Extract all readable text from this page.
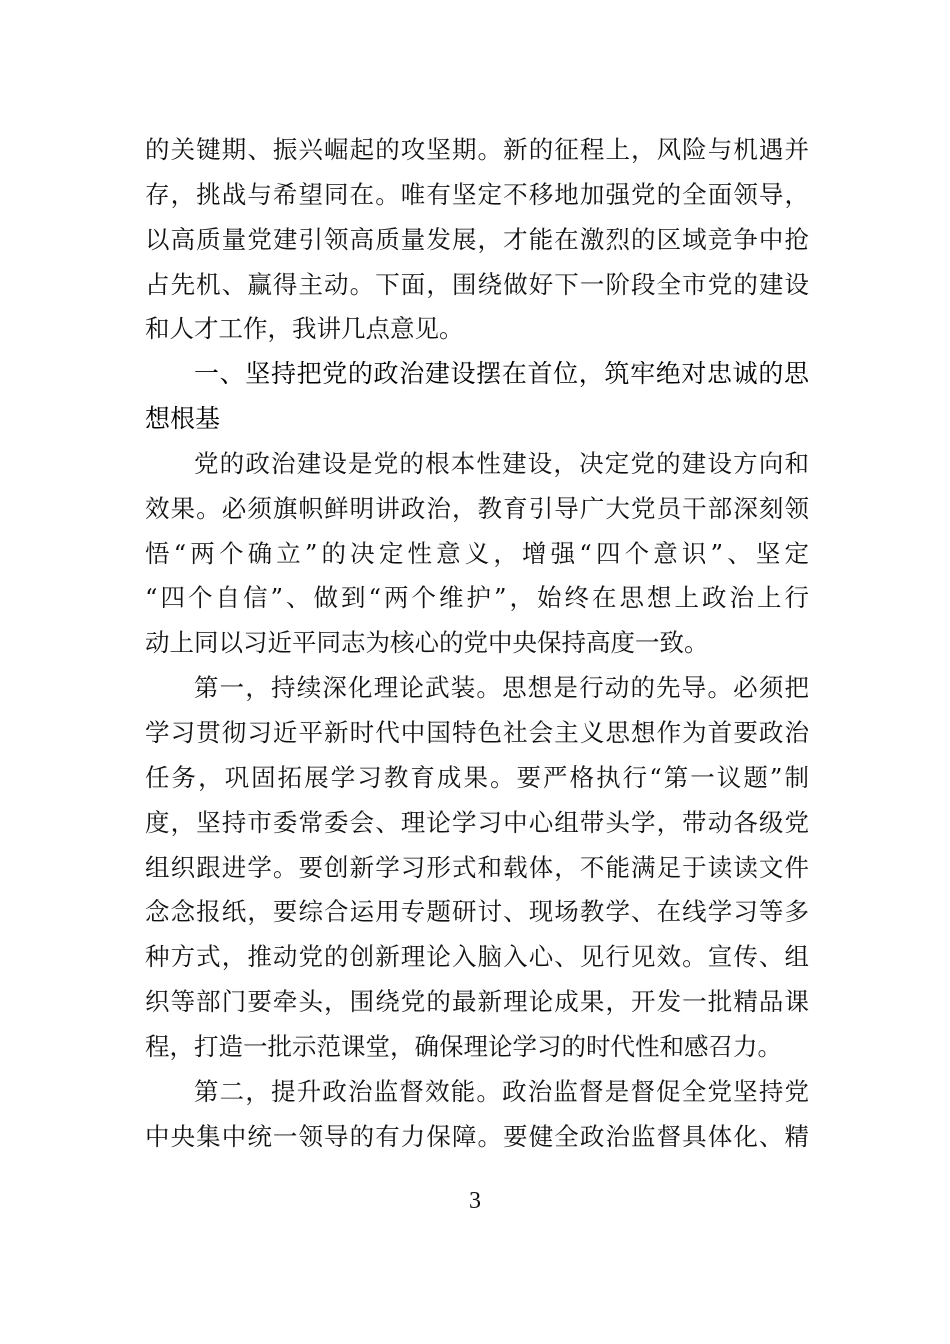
的关键期、振兴崛起的攻坚期。新的征程上，风险与机遇并
存，挑战与希望同在。唯有坚定不移地加强党的全面领导，
以高质量党建引领高质量发展，才能在激烈的区域竞争中抢
占先机、赢得主动。下面，围绕做好下一阶段全市党的建设
和人才工作，我讲几点意见。
一、坚持把党的政治建设摆在首位，筑牢绝对忠诚的思
想根基
党的政治建设是党的根本性建设，决定党的建设方向和
效果。必须旗帜鲜明讲政治，教育引导广大党员干部深刻领
悟“两个确立”的决定性意义，增强“四个意识”、坚定
“四个自信”、做到“两个维护”，始终在思想上政治上行
动上同以习近平同志为核心的党中央保持高度一致。
第一，持续深化理论武装。思想是行动的先导。必须把
学习贯彻习近平新时代中国特色社会主义思想作为首要政治
任务，巩固拓展学习教育成果。要严格执行“第一议题”制
度，坚持市委常委会、理论学习中心组带头学，带动各级党
组织跟进学。要创新学习形式和载体，不能满足于读读文件
念念报纸，要综合运用专题研讨、现场教学、在线学习等多
种方式，推动党的创新理论入脑入心、见行见效。宣传、组
织等部门要牵头，围绕党的最新理论成果，开发一批精品课
程，打造一批示范课堂，确保理论学习的时代性和感召力。
第二，提升政治监督效能。政治监督是督促全党坚持党
中央集中统一领导的有力保障。要健全政治监督具体化、精
3
